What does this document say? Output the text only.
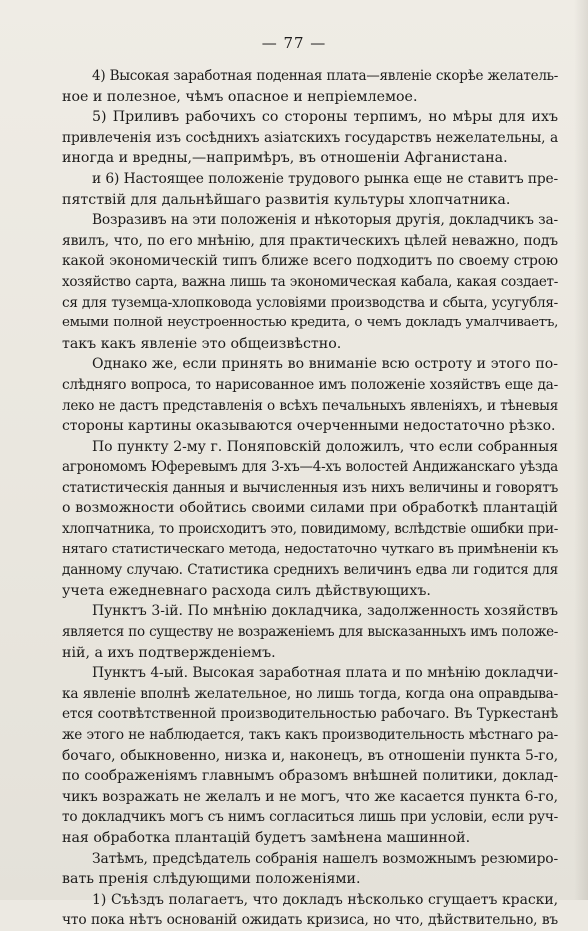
— 77 —
4) Высокая заработная поденная плата—явленіе скорѣе желатель-
ное и полезное, чѣмъ опасное и непріемлемое.
5) Приливъ рабочихъ со стороны терпимъ, но мѣры для ихъ
привлеченія изъ сосѣднихъ азіатскихъ государствъ нежелательны, а
иногда и вредны,—напримѣръ, въ отношеніи Афганистана.
и 6) Настоящее положеніе трудового рынка еще не ставитъ пре-
пятствій для дальнѣйшаго развитія культуры хлопчатника.
Возразивъ на эти положенія и нѣкоторыя другія, докладчикъ за-
явилъ, что, по его мнѣнію, для практическихъ цѣлей неважно, подъ
какой экономическій типъ ближе всего подходитъ по своему строю
хозяйство сарта, важна лишь та экономическая кабала, какая создает-
ся для туземца-хлопковода условіями производства и сбыта, усугубля-
емыми полной неустроенностью кредита, о чемъ докладъ умалчиваетъ,
такъ какъ явленіе это общеизвѣстно.
Однако же, если принять во вниманіе всю остроту и этого по-
слѣдняго вопроса, то нарисованное имъ положеніе хозяйствъ еще да-
леко не дастъ представленія о всѣхъ печальныхъ явленіяхъ, и тѣневыя
стороны картины оказываются очерченными недостаточно рѣзко.
По пункту 2-му г. Поняповскій доложилъ, что если собранныя
агрономомъ Юферевымъ для 3-хъ—4-хъ волостей Андижанскаго уѣзда
статистическія данныя и вычисленныя изъ нихъ величины и говорятъ
о возможности обойтись своими силами при обработкѣ плантацій
хлопчатника, то происходитъ это, повидимому, вслѣдствіе ошибки при-
нятаго статистическаго метода, недостаточно чуткаго въ примѣненіи къ
данному случаю. Статистика среднихъ величинъ едва ли годится для
учета ежедневнаго расхода силъ дѣйствующихъ.
Пунктъ 3-ій. По мнѣнію докладчика, задолженность хозяйствъ
является по существу не возраженіемъ для высказанныхъ имъ положе-
ній, а ихъ подтвержденіемъ.
Пунктъ 4-ый. Высокая заработная плата и по мнѣнію докладчи-
ка явленіе вполнѣ желательное, но лишь тогда, когда она оправдыва-
ется соотвѣтственной производительностью рабочаго. Въ Туркестанѣ
же этого не наблюдается, такъ какъ производительность мѣстнаго ра-
бочаго, обыкновенно, низка и, наконецъ, въ отношеніи пункта 5-го,
по соображеніямъ главнымъ образомъ внѣшней политики, доклад-
чикъ возражать не желалъ и не могъ, что же касается пункта 6-го,
то докладчикъ могъ съ нимъ согласиться лишь при условіи, если руч-
ная обработка плантацій будетъ замѣнена машинной.
Затѣмъ, предсѣдатель собранія нашелъ возможнымъ резюмиро-
вать пренія слѣдующими положеніями.
1) Съѣздъ полагаетъ, что докладъ нѣсколько сгущаетъ краски,
что пока нѣтъ основаній ожидать кризиса, но что, дѣйствительно, въ
